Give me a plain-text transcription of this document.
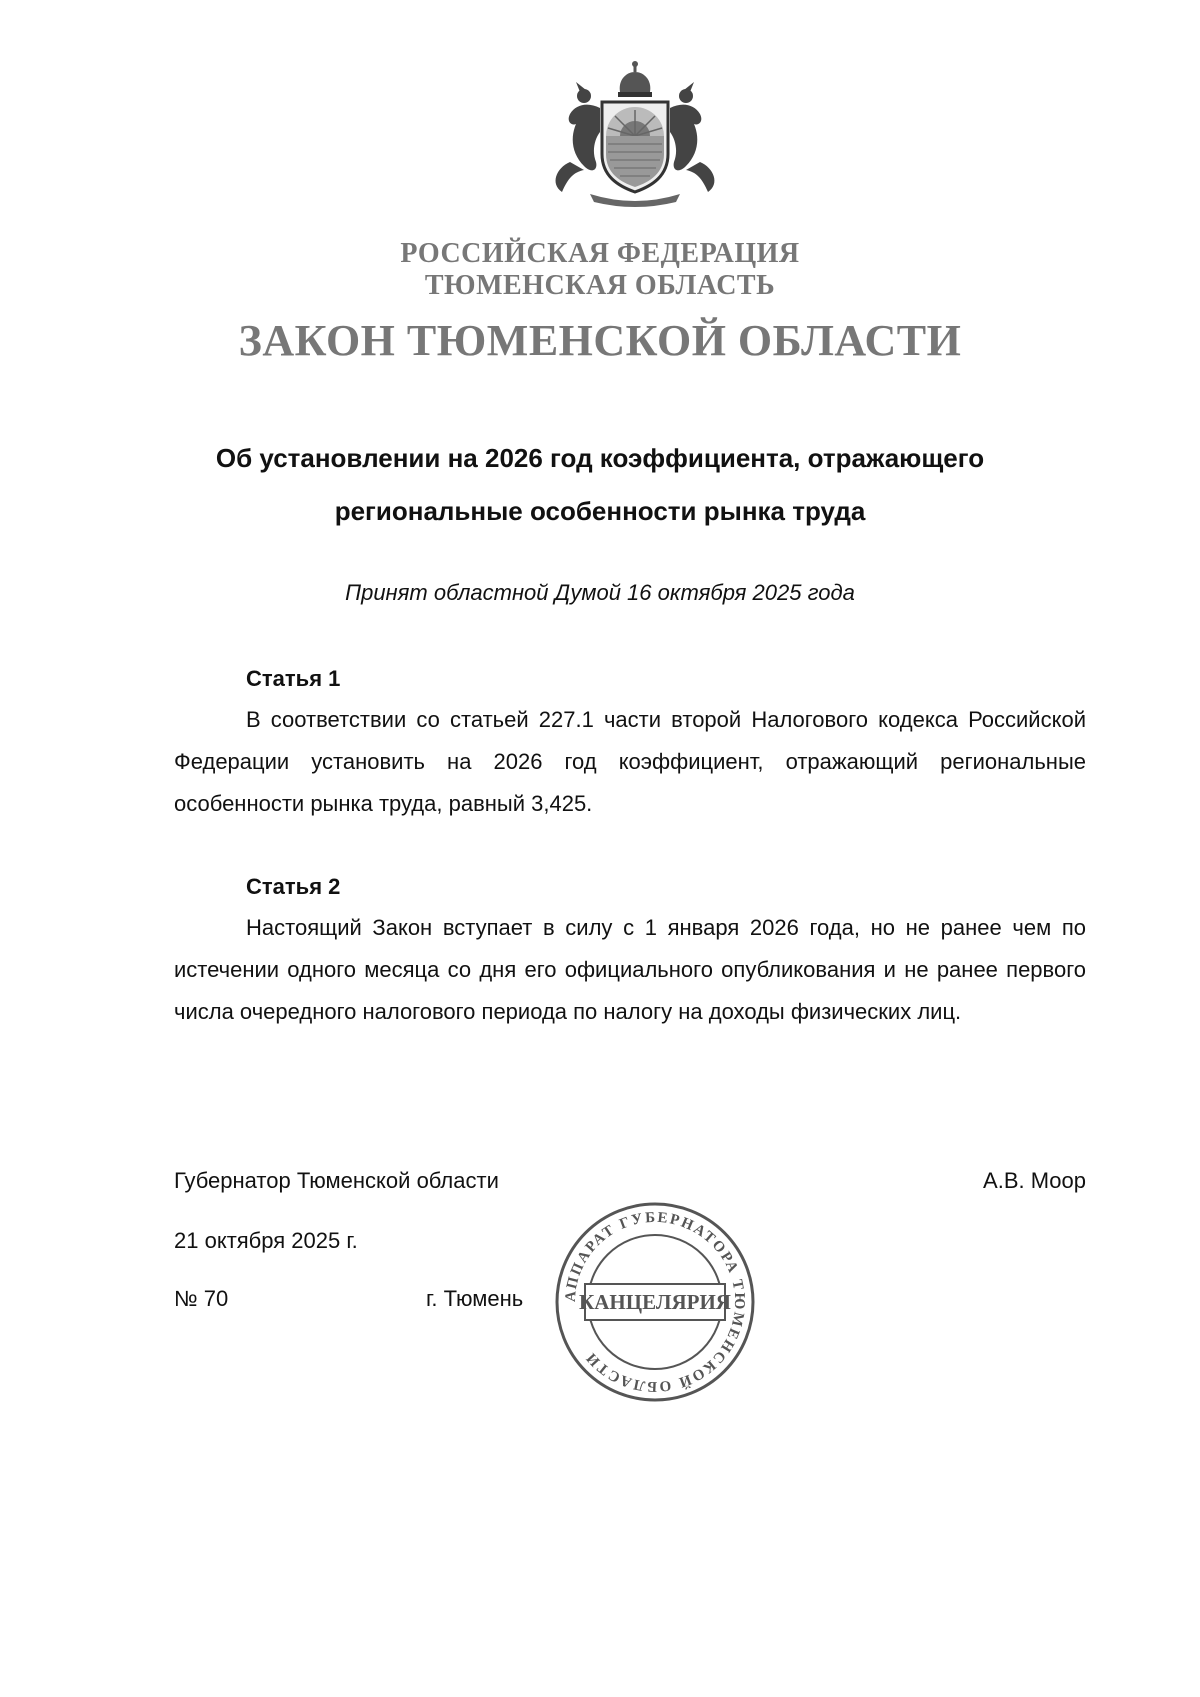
РОССИЙСКАЯ ФЕДЕРАЦИЯ
ТЮМЕНСКАЯ ОБЛАСТЬ
ЗАКОН ТЮМЕНСКОЙ ОБЛАСТИ
Об установлении на 2026 год коэффициента, отражающего региональные особенности рынка труда
Принят областной Думой 16 октября 2025 года
Статья 1

В соответствии со статьей 227.1 части второй Налогового кодекса Российской Федерации установить на 2026 год коэффициент, отражающий региональные особенности рынка труда, равный 3,425.

Статья 2

Настоящий Закон вступает в силу с 1 января 2026 года, но не ранее чем по истечении одного месяца со дня его официального опубликования и не ранее первого числа очередного налогового периода по налогу на доходы физических лиц.

Губернатор Тюменской области	А.В. Моор
21 октября 2025 г.
№ 70	г. Тюмень	АППАРАТ ГУБЕРНАТОРА ТЮМЕНСКОЙ ОБЛАСТИ
КАНЦЕЛЯРИЯ
